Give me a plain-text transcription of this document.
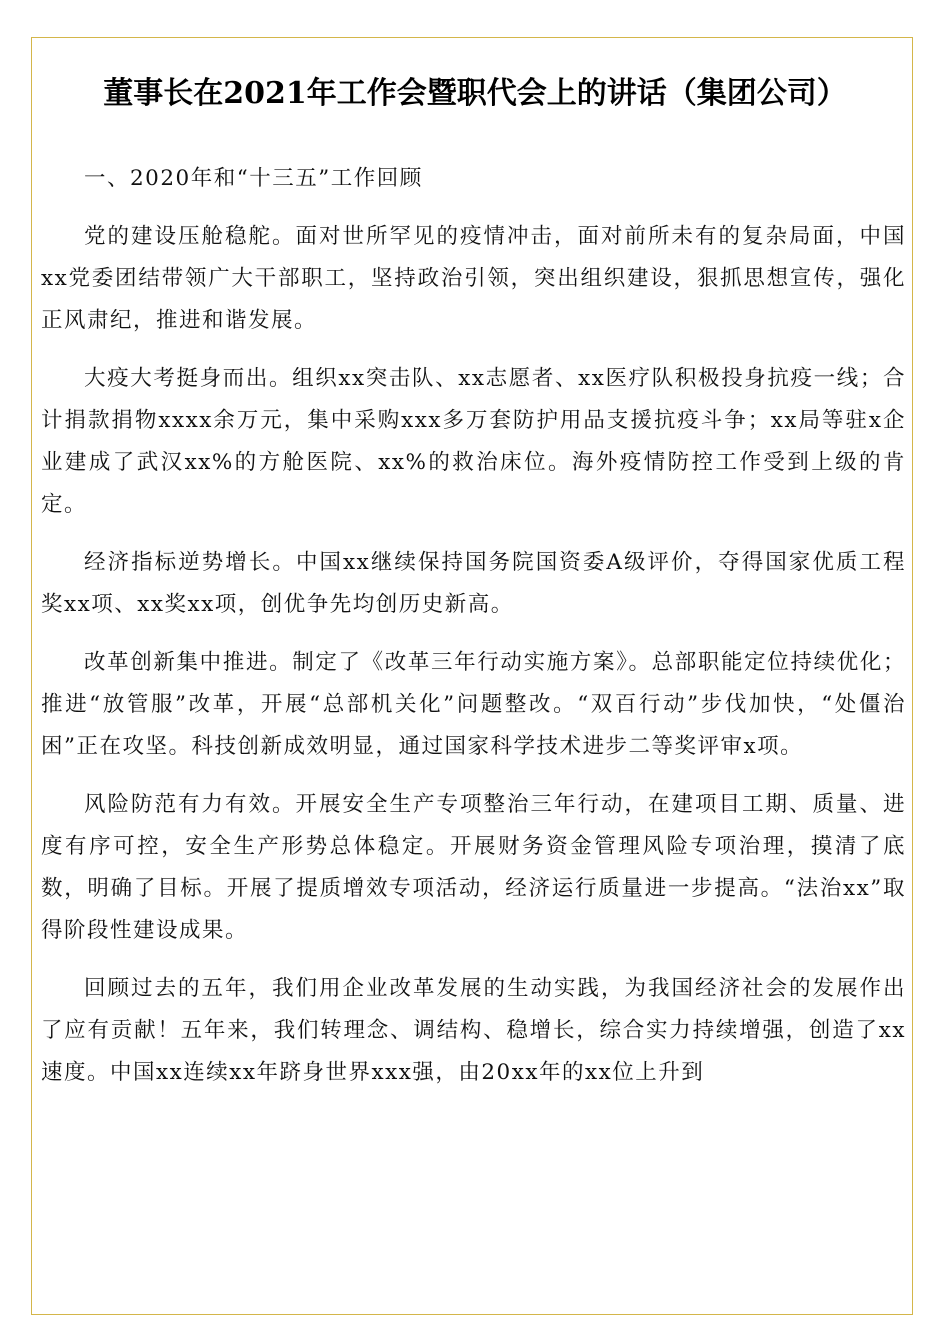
董事长在2021年工作会暨职代会上的讲话（集团公司）

一、2020年和“十三五”工作回顾

党的建设压舱稳舵。面对世所罕见的疫情冲击，面对前所未有的复杂局面，中国xx党委团结带领广大干部职工，坚持政治引领，突出组织建设，狠抓思想宣传，强化正风肃纪，推进和谐发展。

大疫大考挺身而出。组织xx突击队、xx志愿者、xx医疗队积极投身抗疫一线；合计捐款捐物xxxx余万元，集中采购xxx多万套防护用品支援抗疫斗争；xx局等驻x企业建成了武汉xx%的方舱医院、xx%的救治床位。海外疫情防控工作受到上级的肯定。

经济指标逆势增长。中国xx继续保持国务院国资委A级评价，夺得国家优质工程奖xx项、xx奖xx项，创优争先均创历史新高。

改革创新集中推进。制定了《改革三年行动实施方案》。总部职能定位持续优化；推进“放管服”改革，开展“总部机关化”问题整改。“双百行动”步伐加快，“处僵治困”正在攻坚。科技创新成效明显，通过国家科学技术进步二等奖评审x项。

风险防范有力有效。开展安全生产专项整治三年行动，在建项目工期、质量、进度有序可控，安全生产形势总体稳定。开展财务资金管理风险专项治理，摸清了底数，明确了目标。开展了提质增效专项活动，经济运行质量进一步提高。“法治xx”取得阶段性建设成果。

回顾过去的五年，我们用企业改革发展的生动实践，为我国经济社会的发展作出了应有贡献！五年来，我们转理念、调结构、稳增长，综合实力持续增强，创造了xx速度。中国xx连续xx年跻身世界xxx强，由20xx年的xx位上升到
